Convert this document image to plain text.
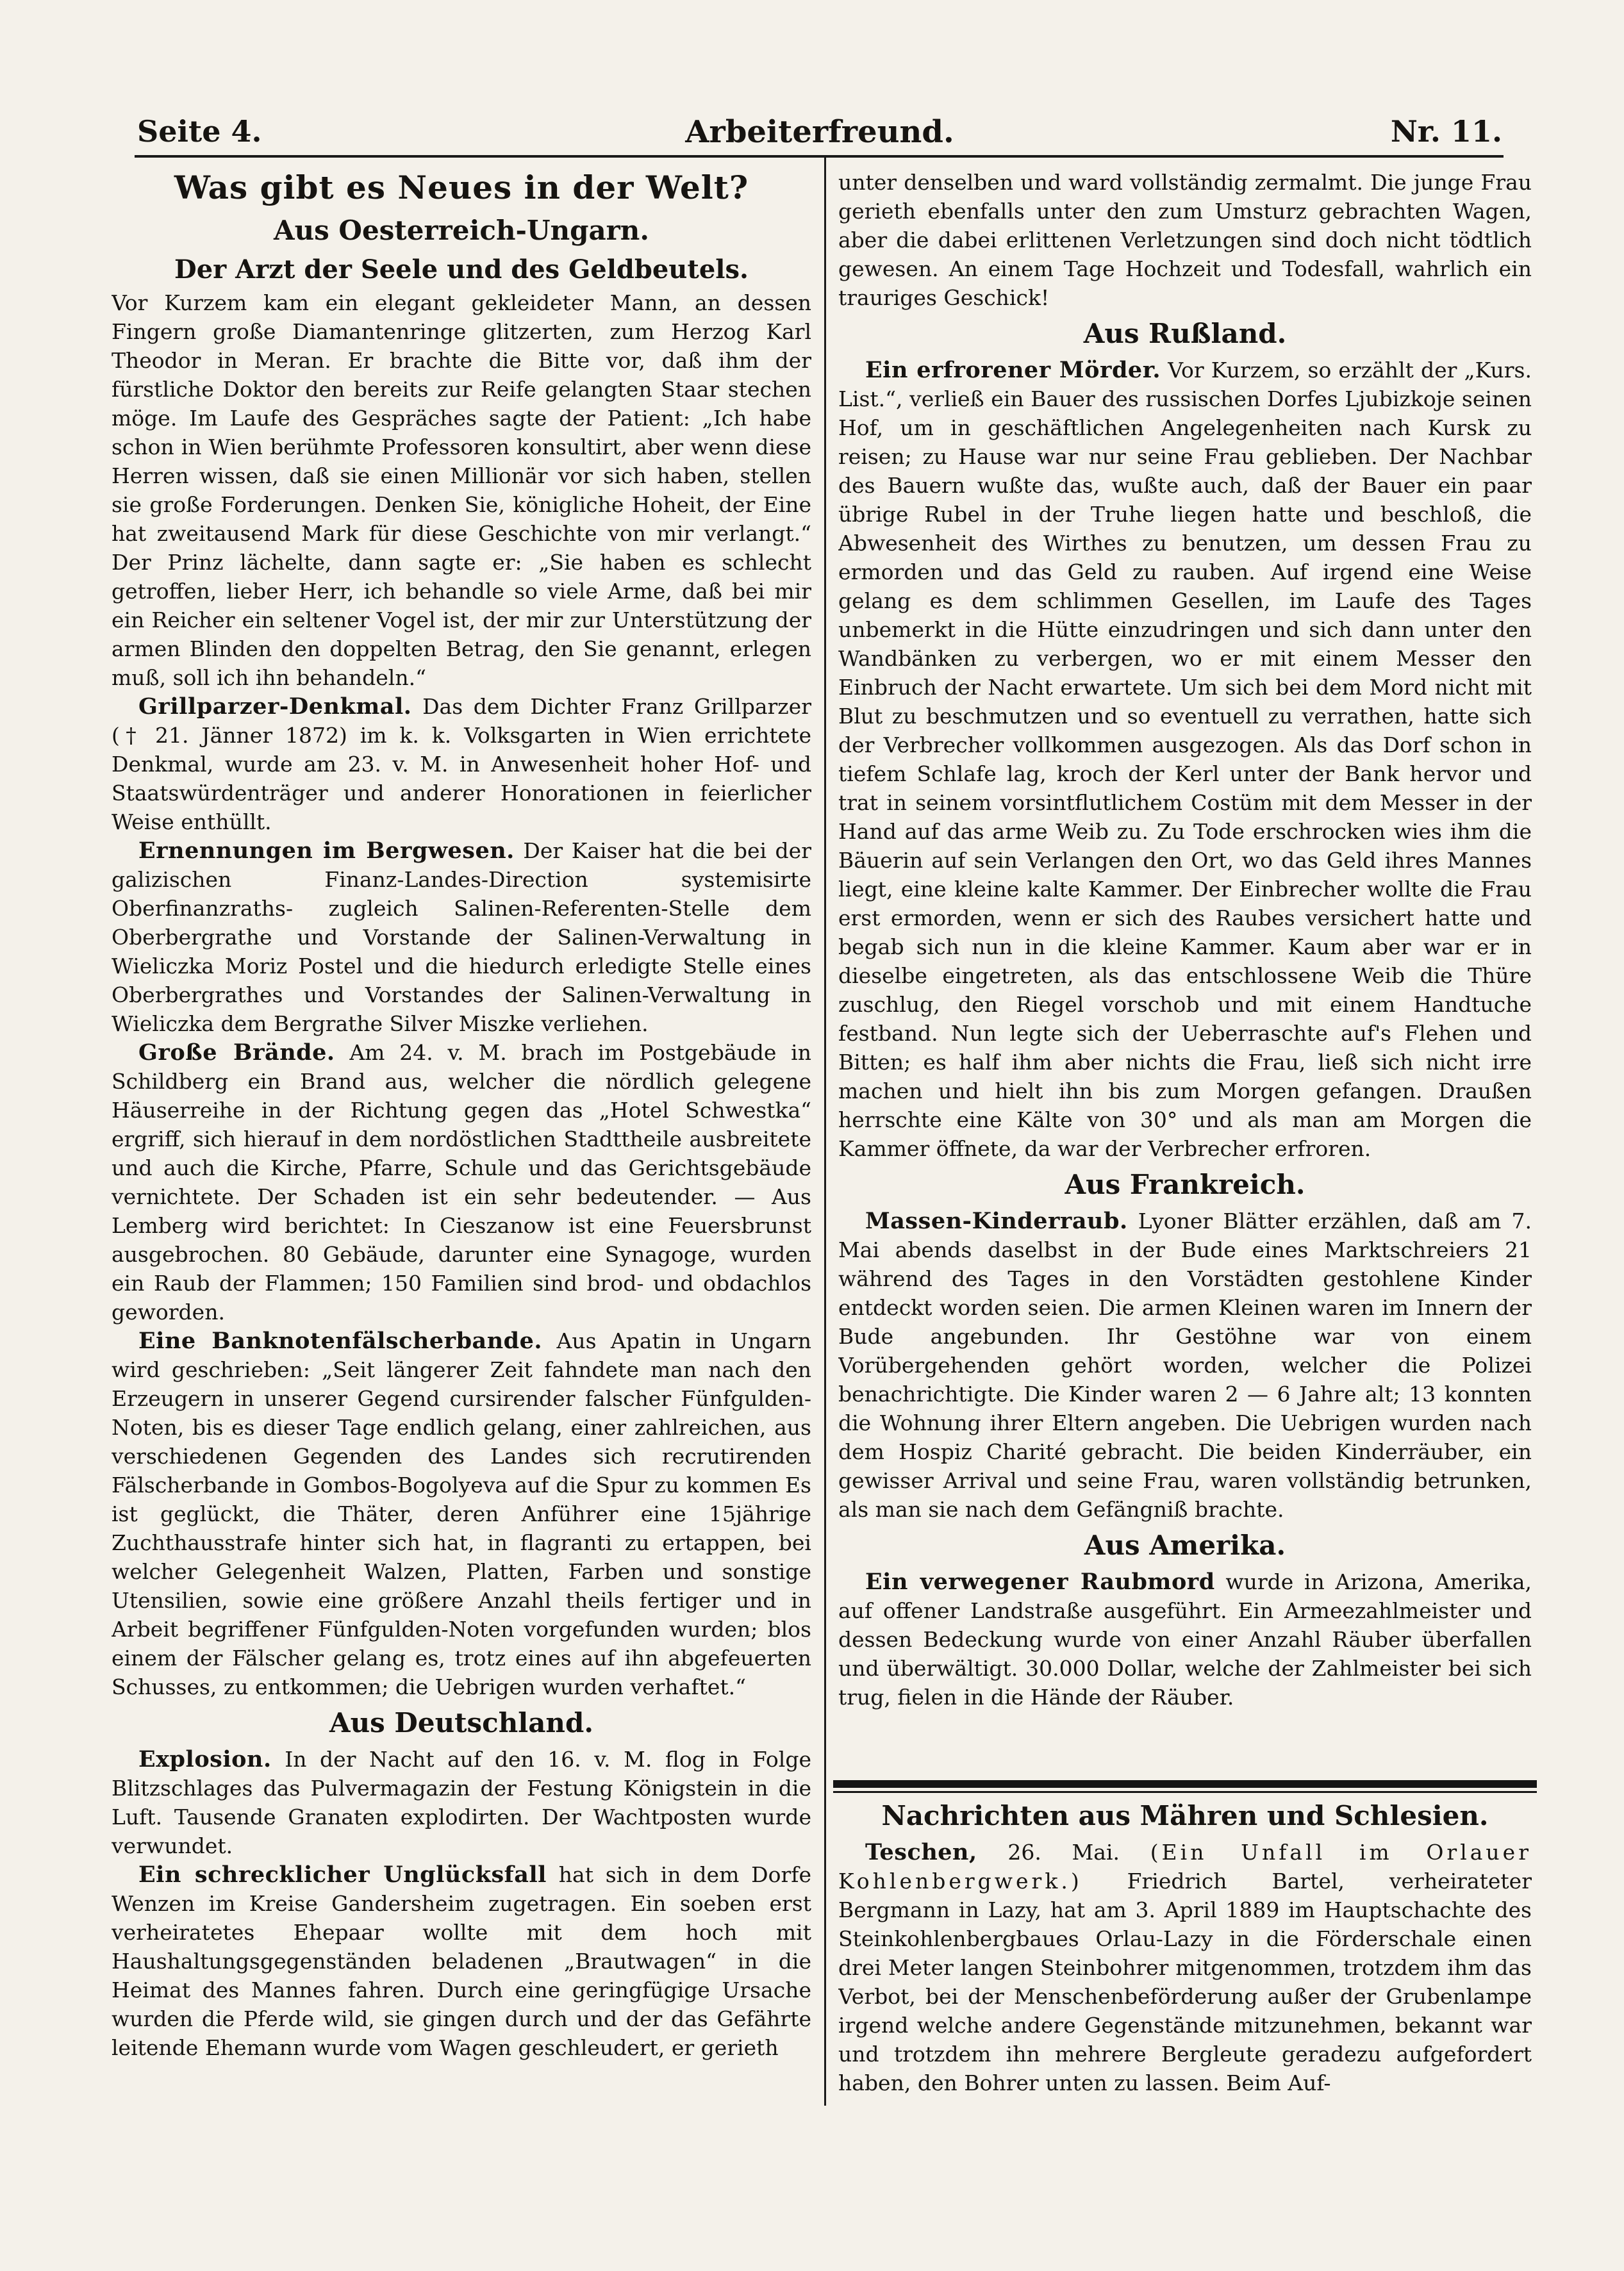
Seite 4.	Arbeiterfreund.	Nr. 11.
Was gibt es Neues in der Welt?
Aus Oesterreich-Ungarn.
Der Arzt der Seele und des Geldbeutels.

Vor Kurzem kam ein elegant gekleideter Mann, an dessen Fingern große Diamantenringe glitzerten, zum Herzog Karl Theodor in Meran. Er brachte die Bitte vor, daß ihm der fürstliche Doktor den bereits zur Reife gelangten Staar stechen möge. Im Laufe des Gespräches sagte der Patient: „Ich habe schon in Wien berühmte Professoren konsultirt, aber wenn diese Herren wissen, daß sie einen Millionär vor sich haben, stellen sie große Forderungen. Denken Sie, königliche Hoheit, der Eine hat zweitausend Mark für diese Geschichte von mir verlangt.“ Der Prinz lächelte, dann sagte er: „Sie haben es schlecht getroffen, lieber Herr, ich behandle so viele Arme, daß bei mir ein Reicher ein seltener Vogel ist, der mir zur Unterstützung der armen Blinden den doppelten Betrag, den Sie genannt, erlegen muß, soll ich ihn behandeln.“

Grillparzer-Denkmal. Das dem Dichter Franz Grillparzer († 21. Jänner 1872) im k. k. Volksgarten in Wien errichtete Denkmal, wurde am 23. v. M. in Anwesenheit hoher Hof- und Staatswürdenträger und anderer Honorationen in feierlicher Weise enthüllt.

Ernennungen im Bergwesen. Der Kaiser hat die bei der galizischen Finanz-Landes-Direction systemisirte Oberfinanzraths- zugleich Salinen-Referenten-Stelle dem Oberbergrathe und Vorstande der Salinen-Verwaltung in Wieliczka Moriz Postel und die hiedurch erledigte Stelle eines Oberbergrathes und Vorstandes der Salinen-Verwaltung in Wieliczka dem Bergrathe Silver Miszke verliehen.

Große Brände. Am 24. v. M. brach im Postgebäude in Schildberg ein Brand aus, welcher die nördlich gelegene Häuserreihe in der Richtung gegen das „Hotel Schwestka“ ergriff, sich hierauf in dem nordöstlichen Stadttheile ausbreitete und auch die Kirche, Pfarre, Schule und das Gerichtsgebäude vernichtete. Der Schaden ist ein sehr bedeutender. — Aus Lemberg wird berichtet: In Cieszanow ist eine Feuersbrunst ausgebrochen. 80 Gebäude, darunter eine Synagoge, wurden ein Raub der Flammen; 150 Familien sind brod- und obdachlos geworden.

Eine Banknotenfälscherbande. Aus Apatin in Ungarn wird geschrieben: „Seit längerer Zeit fahndete man nach den Erzeugern in unserer Gegend cursirender falscher Fünfgulden-Noten, bis es dieser Tage endlich gelang, einer zahlreichen, aus verschiedenen Gegenden des Landes sich recrutirenden Fälscherbande in Gombos-Bogolyeva auf die Spur zu kommen Es ist geglückt, die Thäter, deren Anführer eine 15jährige Zuchthausstrafe hinter sich hat, in flagranti zu ertappen, bei welcher Gelegenheit Walzen, Platten, Farben und sonstige Utensilien, sowie eine größere Anzahl theils fertiger und in Arbeit begriffener Fünfgulden-Noten vorgefunden wurden; blos einem der Fälscher gelang es, trotz eines auf ihn abgefeuerten Schusses, zu entkommen; die Uebrigen wurden verhaftet.“

Aus Deutschland.

Explosion. In der Nacht auf den 16. v. M. flog in Folge Blitzschlages das Pulvermagazin der Festung Königstein in die Luft. Tausende Granaten explodirten. Der Wachtposten wurde verwundet.

Ein schrecklicher Unglücksfall hat sich in dem Dorfe Wenzen im Kreise Gandersheim zugetragen. Ein soeben erst verheiratetes Ehepaar wollte mit dem hoch mit Haushaltungsgegenständen beladenen „Brautwagen“ in die Heimat des Mannes fahren. Durch eine geringfügige Ursache wurden die Pferde wild, sie gingen durch und der das Gefährte leitende Ehemann wurde vom Wagen geschleudert, er gerieth

unter denselben und ward vollständig zermalmt. Die junge Frau gerieth ebenfalls unter den zum Umsturz gebrachten Wagen, aber die dabei erlittenen Verletzungen sind doch nicht tödtlich gewesen. An einem Tage Hochzeit und Todesfall, wahrlich ein trauriges Geschick!

Aus Rußland.

Ein erfrorener Mörder. Vor Kurzem, so erzählt der „Kurs. List.“, verließ ein Bauer des russischen Dorfes Ljubizkoje seinen Hof, um in geschäftlichen Angelegenheiten nach Kursk zu reisen; zu Hause war nur seine Frau geblieben. Der Nachbar des Bauern wußte das, wußte auch, daß der Bauer ein paar übrige Rubel in der Truhe liegen hatte und beschloß, die Abwesenheit des Wirthes zu benutzen, um dessen Frau zu ermorden und das Geld zu rauben. Auf irgend eine Weise gelang es dem schlimmen Gesellen, im Laufe des Tages unbemerkt in die Hütte einzudringen und sich dann unter den Wandbänken zu verbergen, wo er mit einem Messer den Einbruch der Nacht erwartete. Um sich bei dem Mord nicht mit Blut zu beschmutzen und so eventuell zu verrathen, hatte sich der Verbrecher vollkommen ausgezogen. Als das Dorf schon in tiefem Schlafe lag, kroch der Kerl unter der Bank hervor und trat in seinem vorsintflutlichem Costüm mit dem Messer in der Hand auf das arme Weib zu. Zu Tode erschrocken wies ihm die Bäuerin auf sein Verlangen den Ort, wo das Geld ihres Mannes liegt, eine kleine kalte Kammer. Der Einbrecher wollte die Frau erst ermorden, wenn er sich des Raubes versichert hatte und begab sich nun in die kleine Kammer. Kaum aber war er in dieselbe eingetreten, als das entschlossene Weib die Thüre zuschlug, den Riegel vorschob und mit einem Handtuche festband. Nun legte sich der Ueberraschte auf's Flehen und Bitten; es half ihm aber nichts die Frau, ließ sich nicht irre machen und hielt ihn bis zum Morgen gefangen. Draußen herrschte eine Kälte von 30° und als man am Morgen die Kammer öffnete, da war der Verbrecher erfroren.

Aus Frankreich.

Massen-Kinderraub. Lyoner Blätter erzählen, daß am 7. Mai abends daselbst in der Bude eines Marktschreiers 21 während des Tages in den Vorstädten gestohlene Kinder entdeckt worden seien. Die armen Kleinen waren im Innern der Bude angebunden. Ihr Gestöhne war von einem Vorübergehenden gehört worden, welcher die Polizei benachrichtigte. Die Kinder waren 2 — 6 Jahre alt; 13 konnten die Wohnung ihrer Eltern angeben. Die Uebrigen wurden nach dem Hospiz Charité gebracht. Die beiden Kinderräuber, ein gewisser Arrival und seine Frau, waren vollständig betrunken, als man sie nach dem Gefängniß brachte.

Aus Amerika.

Ein verwegener Raubmord wurde in Arizona, Amerika, auf offener Landstraße ausgeführt. Ein Armeezahlmeister und dessen Bedeckung wurde von einer Anzahl Räuber überfallen und überwältigt. 30.000 Dollar, welche der Zahlmeister bei sich trug, fielen in die Hände der Räuber.

Nachrichten aus Mähren und Schlesien.

Teschen, 26. Mai. (Ein Unfall im Orlauer Kohlenbergwerk.) Friedrich Bartel, verheirateter Bergmann in Lazy, hat am 3. April 1889 im Hauptschachte des Steinkohlenbergbaues Orlau-Lazy in die Förderschale einen drei Meter langen Steinbohrer mitgenommen, trotzdem ihm das Verbot, bei der Menschenbeförderung außer der Grubenlampe irgend welche andere Gegenstände mitzunehmen, bekannt war und trotzdem ihn mehrere Bergleute geradezu aufgefordert haben, den Bohrer unten zu lassen. Beim Auf-
